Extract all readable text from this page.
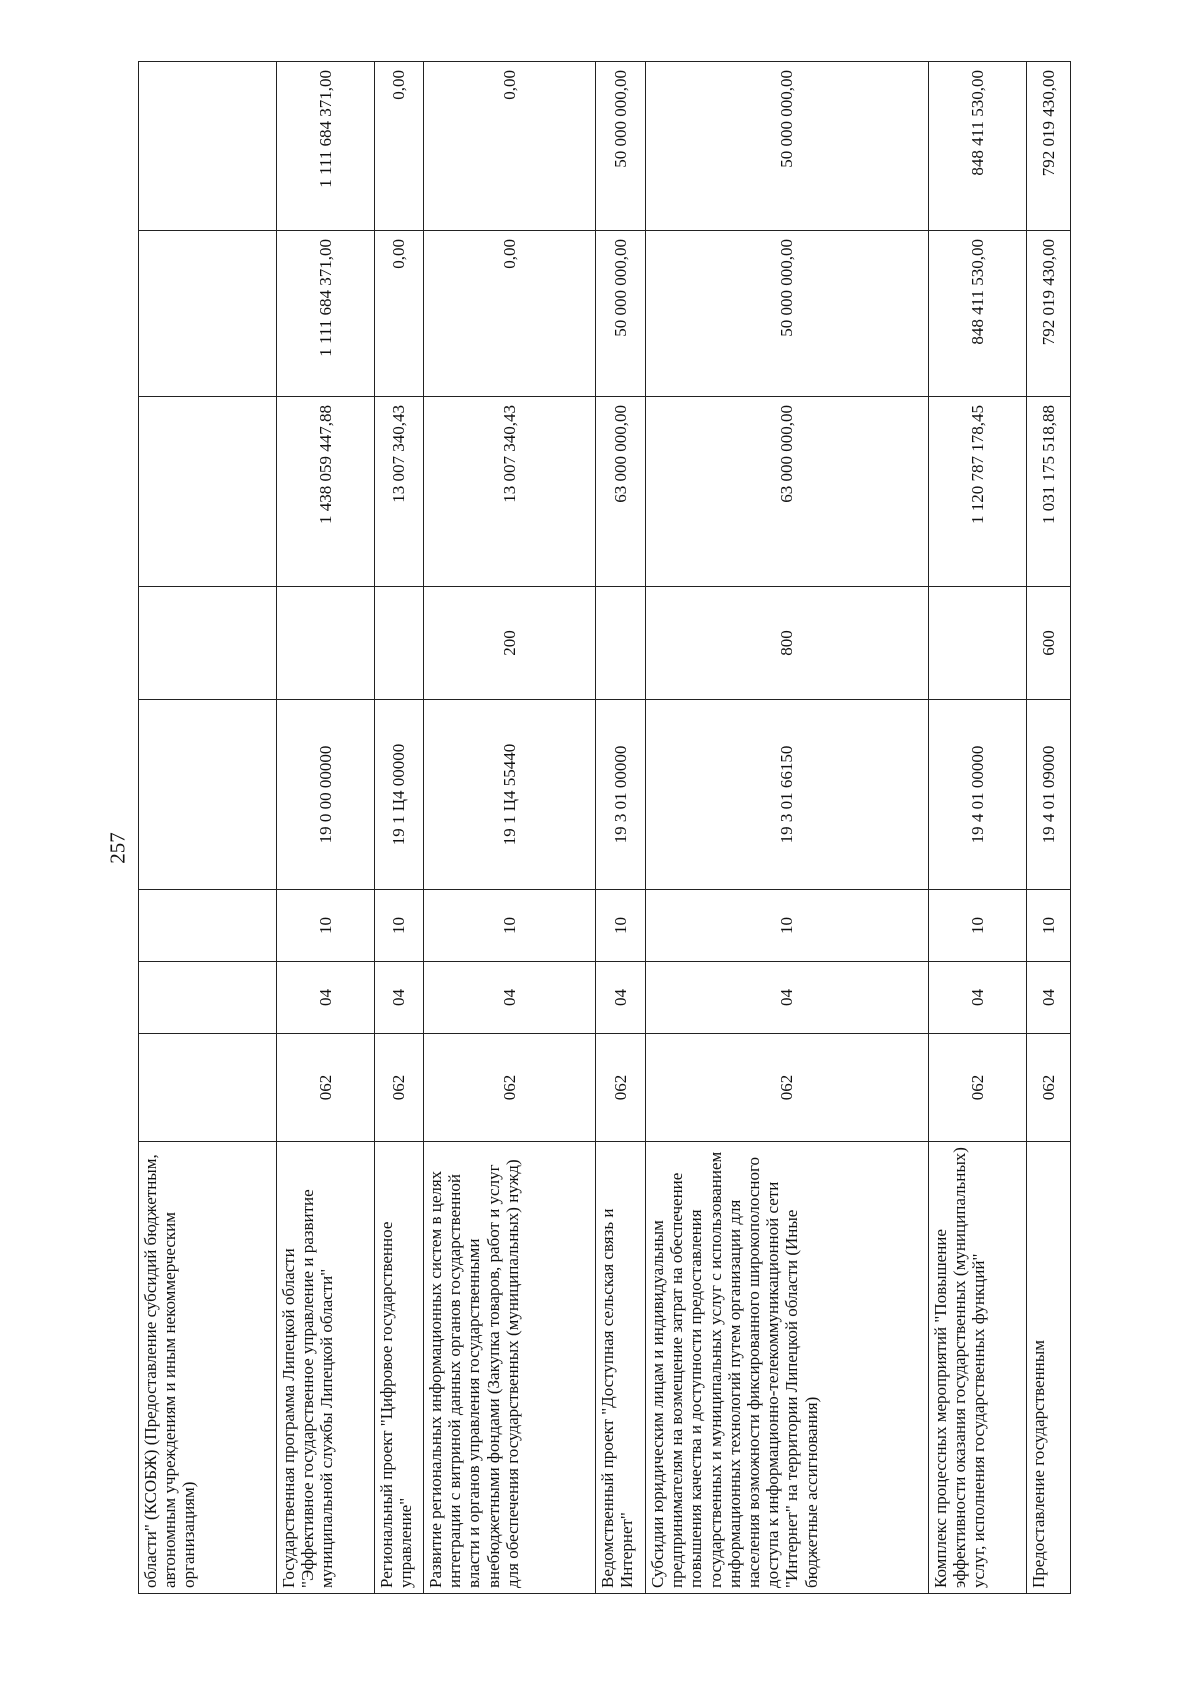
257
области" (КСОБЖ) (Предоставление субсидий бюджетным, автономным учреждениям и иным некоммерческим организациям)								
Государственная программа Липецкой области "Эффективное государственное управление и развитие муниципальной службы Липецкой области"	062	04	10	19 0 00 00000		1 438 059 447,88	1 111 684 371,00	1 111 684 371,00
Региональный проект "Цифровое государственное управление"	062	04	10	19 1 Ц4 00000		13 007 340,43	0,00	0,00
Развитие региональных информационных систем в целях интеграции с витриной данных органов государственной власти и органов управления государственными внебюджетными фондами (Закупка товаров, работ и услуг для обеспечения государственных (муниципальных) нужд)	062	04	10	19 1 Ц4 55440	200	13 007 340,43	0,00	0,00
Ведомственный проект "Доступная сельская связь и Интернет"	062	04	10	19 3 01 00000		63 000 000,00	50 000 000,00	50 000 000,00
Субсидии юридическим лицам и индивидуальным предпринимателям на возмещение затрат на обеспечение повышения качества и доступности предоставления государственных и муниципальных услуг с использованием информационных технологий путем организации для населения возможности фиксированного широкополосного доступа к информационно-телекоммуникационной сети "Интернет" на территории Липецкой области (Иные бюджетные ассигнования)	062	04	10	19 3 01 66150	800	63 000 000,00	50 000 000,00	50 000 000,00
Комплекс процессных мероприятий "Повышение эффективности оказания государственных (муниципальных) услуг, исполнения государственных функций"	062	04	10	19 4 01 00000		1 120 787 178,45	848 411 530,00	848 411 530,00
Предоставление государственным	062	04	10	19 4 01 09000	600	1 031 175 518,88	792 019 430,00	792 019 430,00
